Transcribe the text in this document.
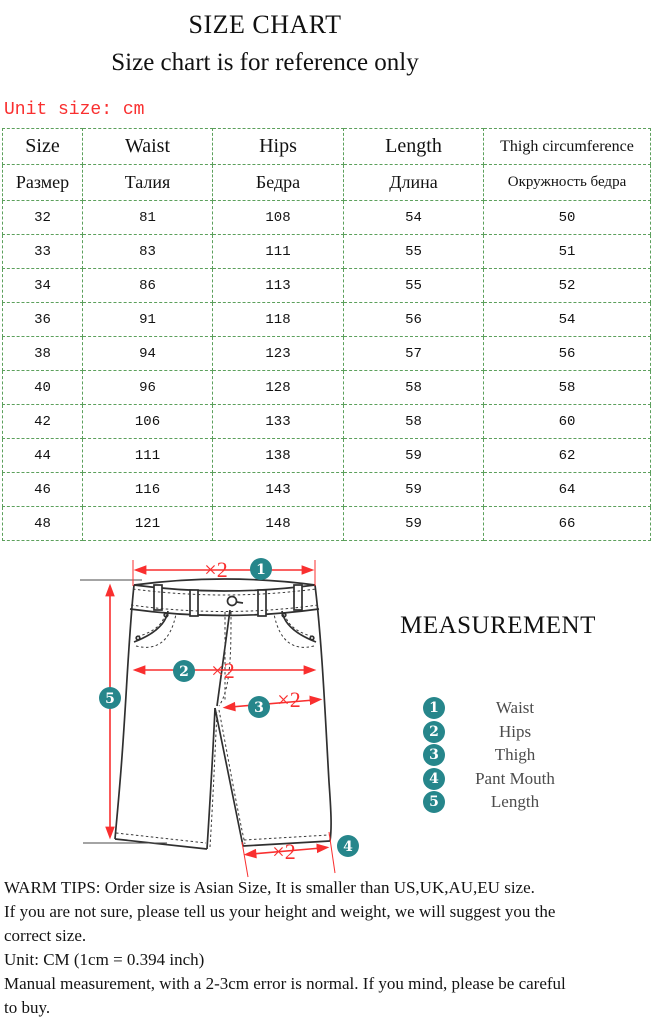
SIZE CHART
Size chart is for reference only
Unit size: cm
Size	Waist	Hips	Length	Thigh circumference
Размер	Талия	Бедра	Длина	Окружность бедра
32	81	108	54	50
33	83	111	55	51
34	86	113	55	52
36	91	118	56	54
38	94	123	57	56
40	96	128	58	58
42	106	133	58	60
44	111	138	59	62
46	116	143	59	64
48	121	148	59	66
×2
×2
×2
×2
1
2
3
4
5
MEASUREMENT
1	Waist
2	Hips
3	Thigh
4	Pant Mouth
5	Length
WARM TIPS: Order size is Asian Size, It is smaller than US,UK,AU,EU size.
If you are not sure, please tell us your height and weight, we will suggest you the
correct size.
Unit: CM (1cm = 0.394 inch)
Manual measurement, with a 2-3cm error is normal. If you mind, please be careful
to buy.
